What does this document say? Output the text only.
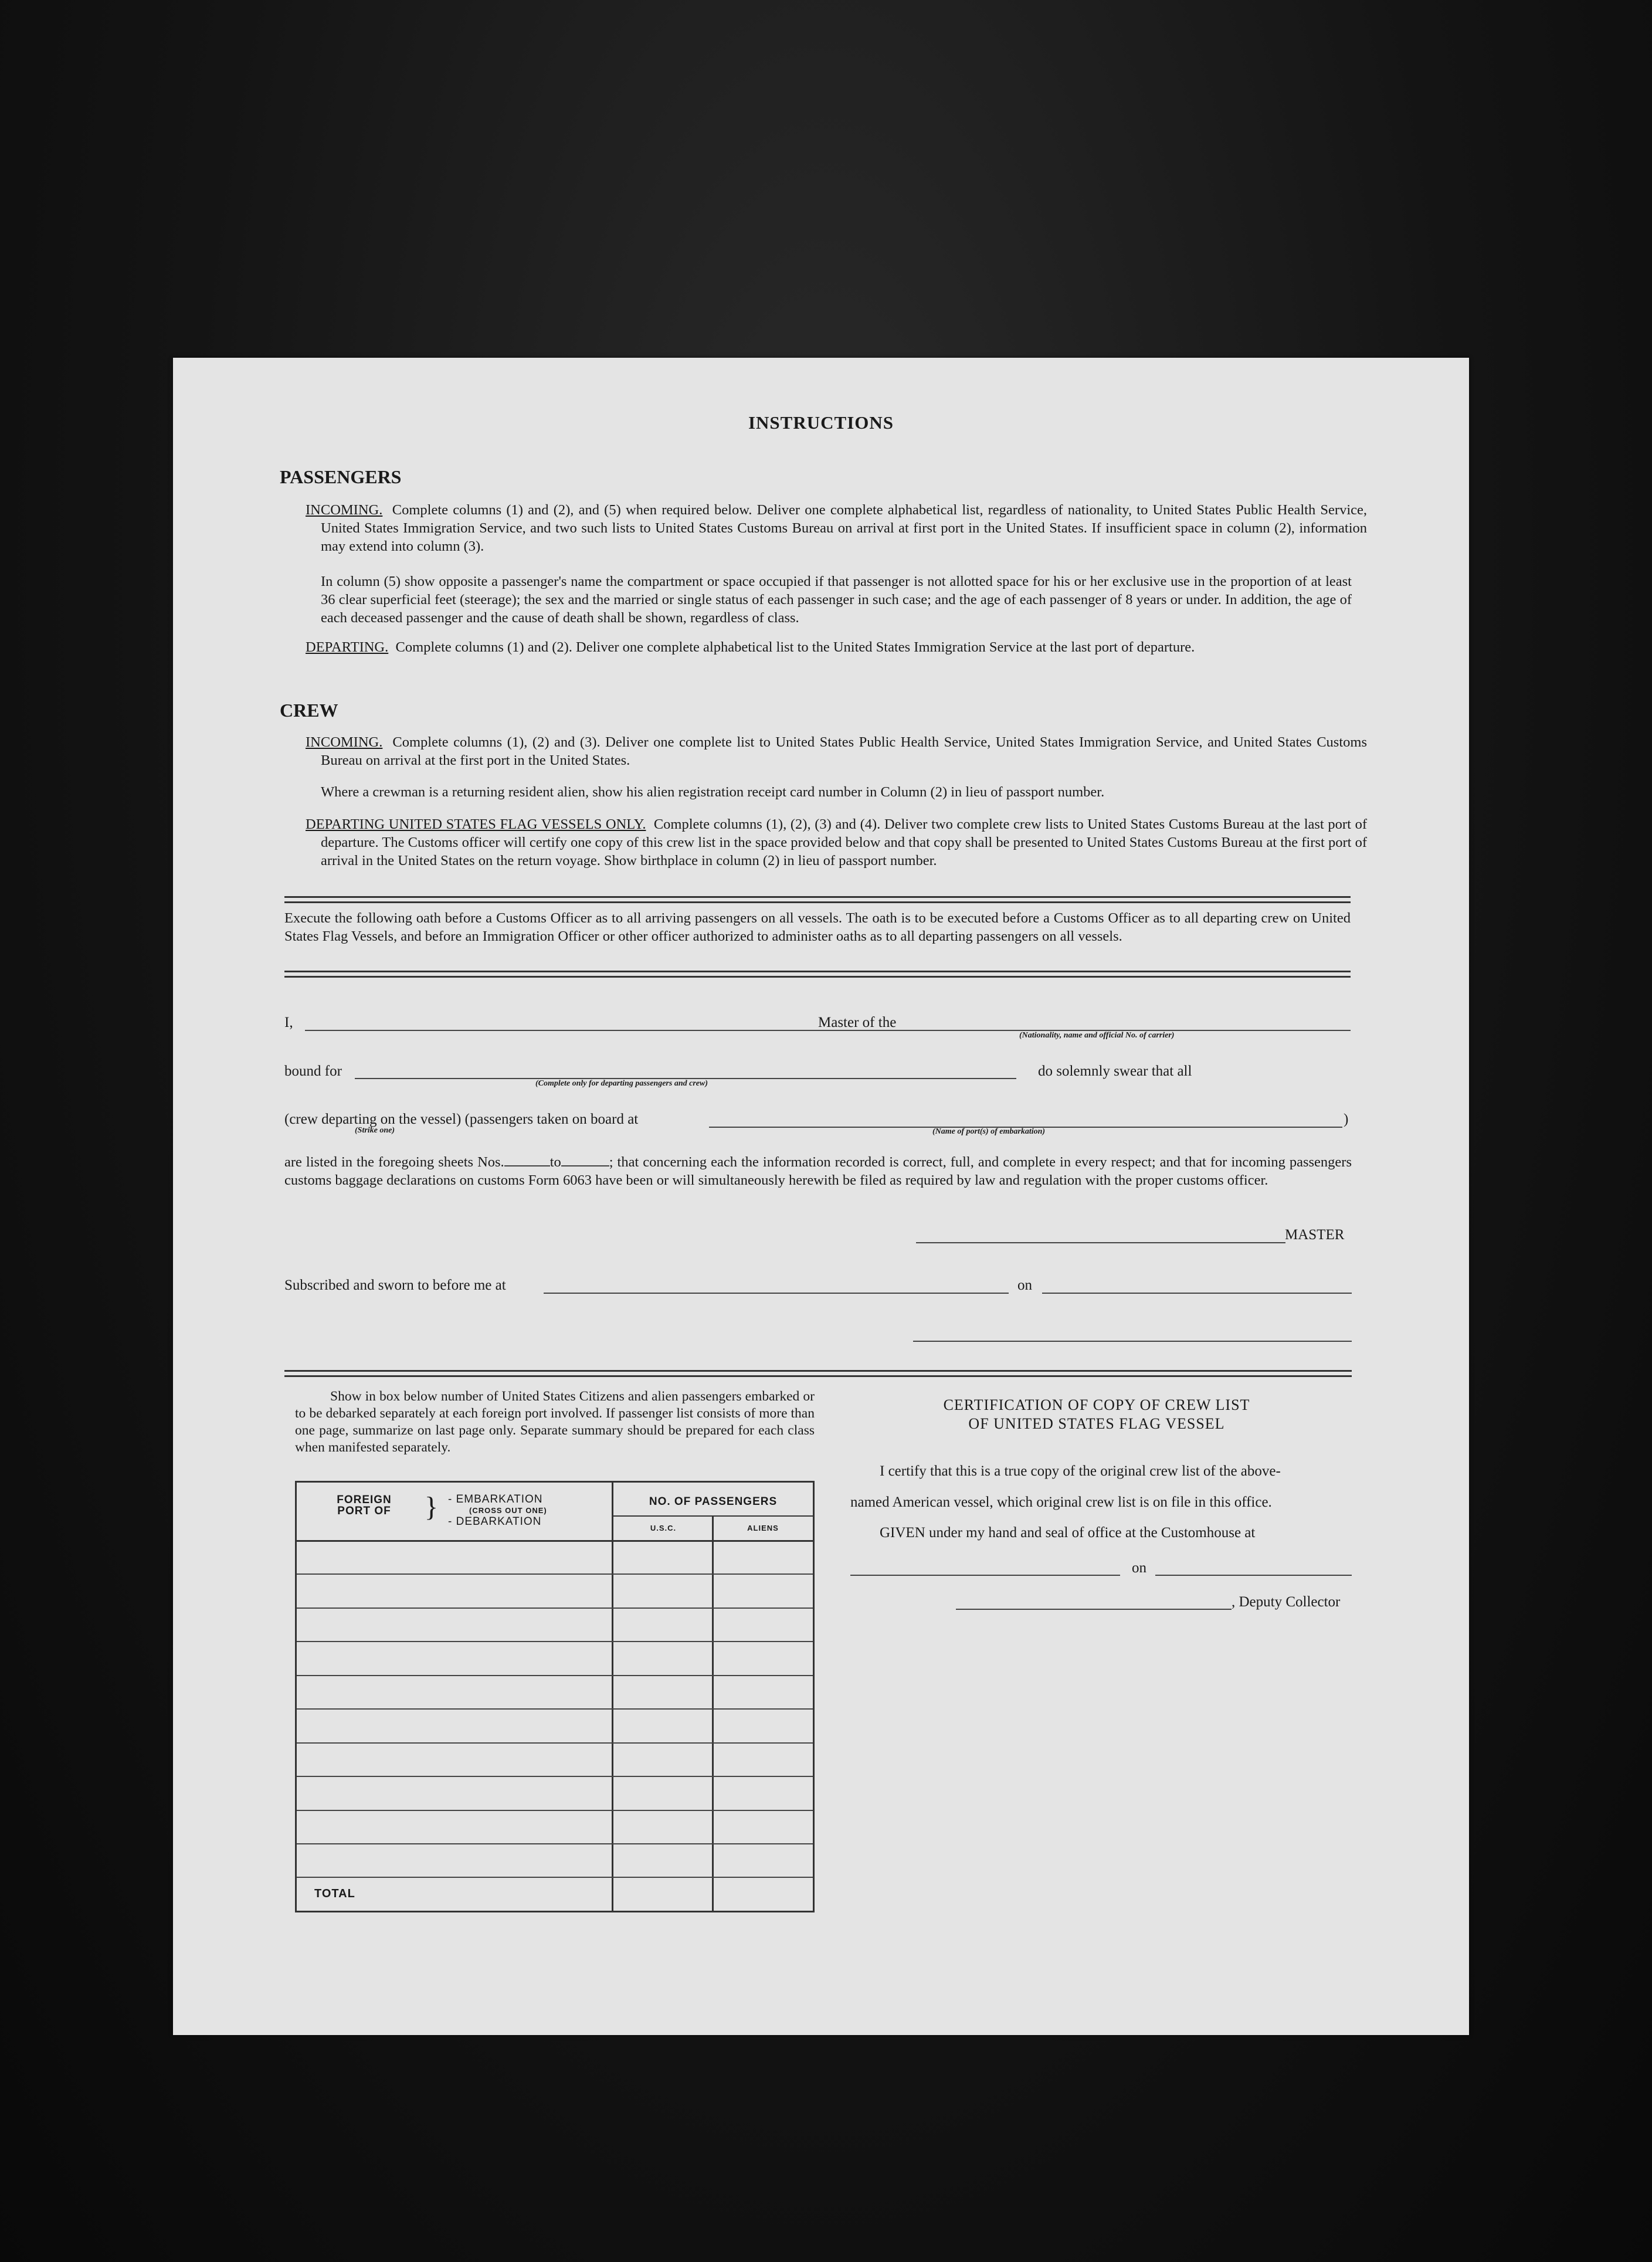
INSTRUCTIONS
PASSENGERS
INCOMING. Complete columns (1) and (2), and (5) when required below. Deliver one complete alphabetical list, regardless of nationality, to United States Public Health Service, United States Immigration Service, and two such lists to United States Customs Bureau on arrival at first port in the United States. If insufficient space in column (2), information may extend into column (3).
In column (5) show opposite a passenger's name the compartment or space occupied if that passenger is not allotted space for his or her exclusive use in the proportion of at least 36 clear superficial feet (steerage); the sex and the married or single status of each passenger in such case; and the age of each passenger of 8 years or under. In addition, the age of each deceased passenger and the cause of death shall be shown, regardless of class.
DEPARTING. Complete columns (1) and (2). Deliver one complete alphabetical list to the United States Immigration Service at the last port of departure.
CREW
INCOMING. Complete columns (1), (2) and (3). Deliver one complete list to United States Public Health Service, United States Immigration Service, and United States Customs Bureau on arrival at the first port in the United States.
Where a crewman is a returning resident alien, show his alien registration receipt card number in Column (2) in lieu of passport number.
DEPARTING UNITED STATES FLAG VESSELS ONLY. Complete columns (1), (2), (3) and (4). Deliver two complete crew lists to United States Customs Bureau at the last port of departure. The Customs officer will certify one copy of this crew list in the space provided below and that copy shall be presented to United States Customs Bureau at the first port of arrival in the United States on the return voyage. Show birthplace in column (2) in lieu of passport number.
Execute the following oath before a Customs Officer as to all arriving passengers on all vessels. The oath is to be executed before a Customs Officer as to all departing crew on United States Flag Vessels, and before an Immigration Officer or other officer authorized to administer oaths as to all departing passengers on all vessels.
I,	Master of the
(Nationality, name and official No. of carrier)
bound for
(Complete only for departing passengers and crew)
do solemnly swear that all
(crew departing on the vessel) (passengers taken on board at
(Strike one)	(Name of port(s) of embarkation)
)
are listed in the foregoing sheets Nos.	to	; that concerning each the information recorded is correct, full, and complete in every respect; and that for incoming passengers customs baggage declarations on customs Form 6063 have been or will simultaneously herewith be filed as required by law and regulation with the proper customs officer.
MASTER
Subscribed and sworn to before me at	on
Show in box below number of United States Citizens and alien passengers embarked or to be debarked separately at each foreign port involved. If passenger list consists of more than one page, summarize on last page only. Separate summary should be prepared for each class when manifested separately.
FOREIGN PORT OF	} - EMBARKATION
(CROSS OUT ONE)
- DEBARKATION
NO. OF PASSENGERS
U.S.C.	ALIENS
TOTAL
CERTIFICATION OF COPY OF CREW LIST
OF UNITED STATES FLAG VESSEL
I certify that this is a true copy of the original crew list of the above-
named American vessel, which original crew list is on file in this office.
GIVEN under my hand and seal of office at the Customhouse at
on
, Deputy Collector
